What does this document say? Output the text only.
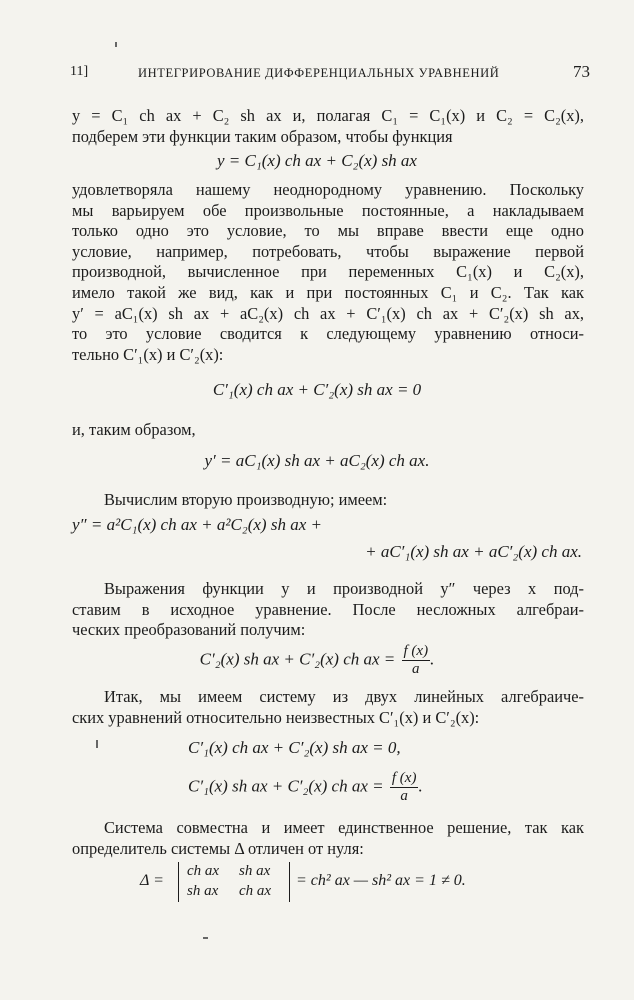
11]	ИНТЕГРИРОВАНИЕ ДИФФЕРЕНЦИАЛЬНЫХ УРАВНЕНИЙ	73
y = C₁ ch ax + C₂ sh ax и, полагая C₁ = C₁(x) и C₂ = C₂(x),
подберем эти функции таким образом, чтобы функция
y = C₁(x) ch ax + C₂(x) sh ax
удовлетворяла нашему неоднородному уравнению. Поскольку
мы варьируем обе произвольные постоянные, а накладываем
только одно это условие, то мы вправе ввести еще одно
условие, например, потребовать, чтобы выражение первой
производной, вычисленное при переменных C₁(x) и C₂(x),
имело такой же вид, как и при постоянных C₁ и C₂. Так как
y′ = aC₁(x) sh ax + aC₂(x) ch ax + C′₁(x) ch ax + C′₂(x) sh ax,
то это условие сводится к следующему уравнению относи-
тельно C′₁(x) и C′₂(x):
C′₁(x) ch ax + C′₂(x) sh ax = 0
и, таким образом,
y′ = aC₁(x) sh ax + aC₂(x) ch ax.
Вычислим вторую производную; имеем:
y″ = a²C₁(x) ch ax + a²C₂(x) sh ax +
+ aC′₁(x) sh ax + aC′₂(x) ch ax.
Выражения функции y и производной y″ через x под-
ставим в исходное уравнение. После несложных алгебраи-
ческих преобразований получим:
C′₂(x) sh ax + C′₂(x) ch ax = $\frac{f (x)}{a}$ .
Итак, мы имеем систему из двух линейных алгебраиче-
ских уравнений относительно неизвестных C′₁(x) и C′₂(x):
C′₁(x) ch ax + C′₂(x) sh ax = 0,
C′₁(x) sh ax + C′₂(x) ch ax = $\frac{f (x)}{a}$ .
Система совместна и имеет единственное решение, так как
определитель системы Δ отличен от нуля:
Δ =
ch ax sh ax
sh ax ch ax
= ch² ax — sh² ax = 1 ≠ 0.
